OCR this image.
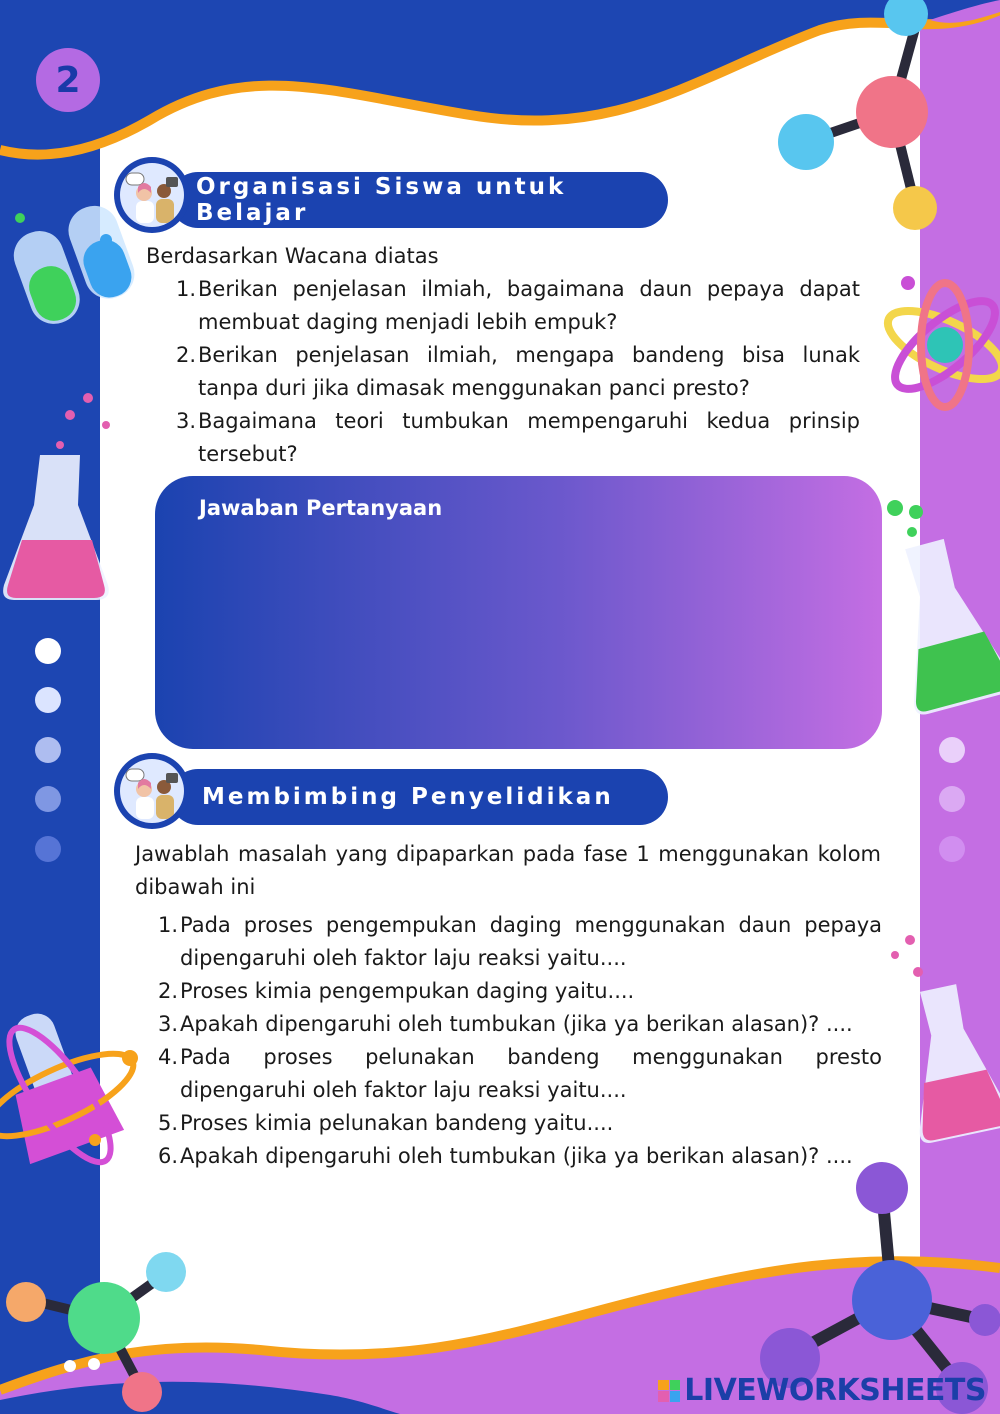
2
Organisasi Siswa untuk Belajar
Berdasarkan Wacana diatas
1. Berikan penjelasan ilmiah, bagaimana daun pepaya dapat membuat daging menjadi lebih empuk?
2. Berikan penjelasan ilmiah, mengapa bandeng bisa lunak tanpa duri jika dimasak menggunakan panci presto?
3. Bagaimana teori tumbukan mempengaruhi kedua prinsip tersebut?
Jawaban Pertanyaan
Membimbing Penyelidikan
Jawablah masalah yang dipaparkan pada fase 1 menggunakan kolom dibawah ini
1. Pada proses pengempukan daging menggunakan daun pepaya dipengaruhi oleh faktor laju reaksi yaitu....
2. Proses kimia pengempukan daging yaitu....
3. Apakah dipengaruhi oleh tumbukan (jika ya berikan alasan)? ....
4. Pada proses pelunakan bandeng menggunakan presto dipengaruhi oleh faktor laju reaksi yaitu....
5. Proses kimia pelunakan bandeng yaitu....
6. Apakah dipengaruhi oleh tumbukan (jika ya berikan alasan)? ....
LIVEWORKSHEETS
